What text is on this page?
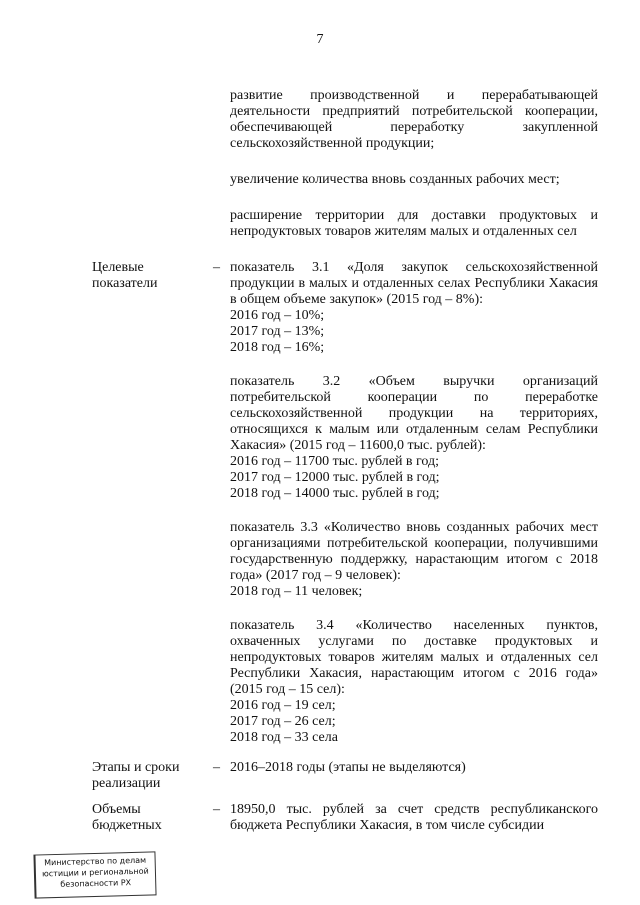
7

развитие производственной и перерабатывающей деятельности предприятий потребительской кооперации, обеспечивающей переработку закупленной сельскохозяйственной продукции;

увеличение количества вновь созданных рабочих мест;

расширение территории для доставки продуктовых и непродуктовых товаров жителям малых и отдаленных сел

Целевые показатели
– показатель 3.1 «Доля закупок сельскохозяйственной продукции в малых и отдаленных селах Республики Хакасия в общем объеме закупок» (2015 год – 8%):
2016 год – 10%;
2017 год – 13%;
2018 год – 16%;
показатель 3.2 «Объем выручки организаций потребительской кооперации по переработке сельскохозяйственной продукции на территориях, относящихся к малым или отдаленным селам Республики Хакасия» (2015 год – 11600,0 тыс. рублей):
2016 год – 11700 тыс. рублей в год;
2017 год – 12000 тыс. рублей в год;
2018 год – 14000 тыс. рублей в год;
показатель 3.3 «Количество вновь созданных рабочих мест организациями потребительской кооперации, получившими государственную поддержку, нарастающим итогом с 2018 года» (2017 год – 9 человек):
2018 год – 11 человек;
показатель 3.4 «Количество населенных пунктов, охваченных услугами по доставке продуктовых и непродуктовых товаров жителям малых и отдаленных сел Республики Хакасия, нарастающим итогом с 2016 года» (2015 год – 15 сел):
2016 год – 19 сел;
2017 год – 26 сел;
2018 год – 33 села
Этапы и сроки реализации
– 2016–2018 годы (этапы не выделяются)
Объемы бюджетных
– 18950,0 тыс. рублей за счет средств республиканского бюджета Республики Хакасия, в том числе субсидии
Министерство по делам
юстиции и региональной
безопасности РХ
